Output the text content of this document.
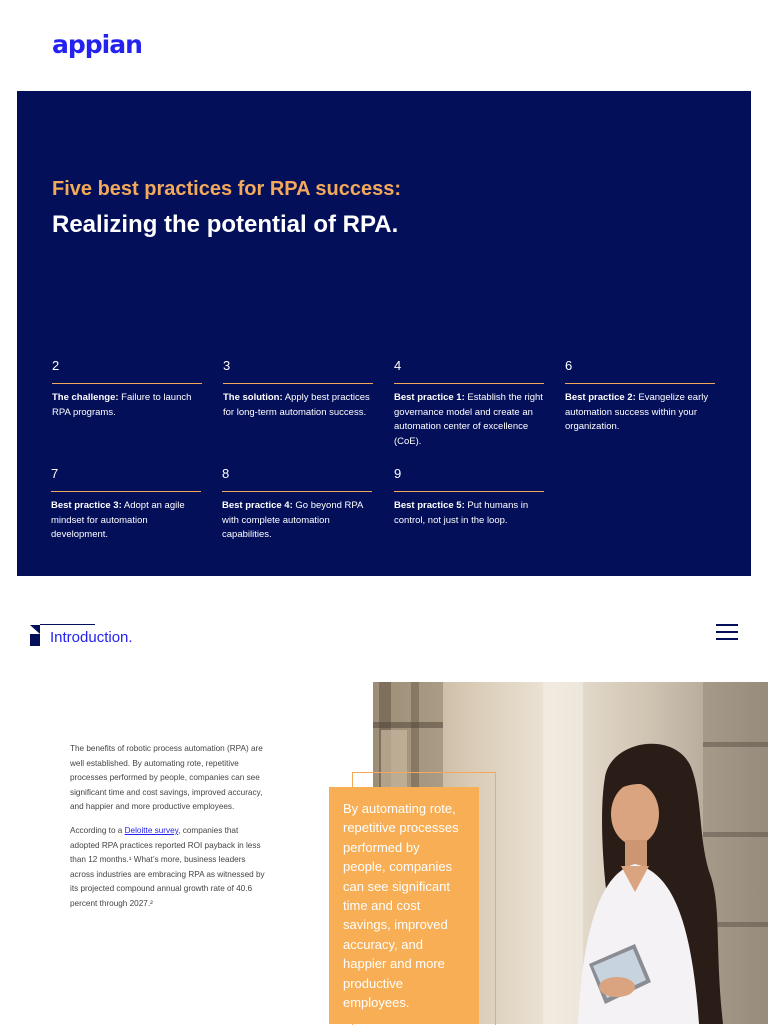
appian
Five best practices for RPA success:
Realizing the potential of RPA.
2
The challenge: Failure to launch RPA programs.
3
The solution: Apply best practices for long-term automation success.
4
Best practice 1: Establish the right governance model and create an automation center of excellence (CoE).
6
Best practice 2: Evangelize early automation success within your organization.
7
Best practice 3: Adopt an agile mindset for automation development.
8
Best practice 4: Go beyond RPA with complete automation capabilities.
9
Best practice 5: Put humans in control, not just in the loop.
Introduction.

The benefits of robotic process automation (RPA) are well established. By automating rote, repetitive processes performed by people, companies can see significant time and cost savings, improved accuracy, and happier and more productive employees.

According to a Deloitte survey, companies that adopted RPA practices reported ROI payback in less than 12 months.¹ What’s more, business leaders across industries are embracing RPA as witnessed by its projected compound annual growth rate of 40.6 percent through 2027.²

By automating rote, repetitive processes performed by people, companies can see significant time and cost savings, improved accuracy, and happier and more productive employees.
